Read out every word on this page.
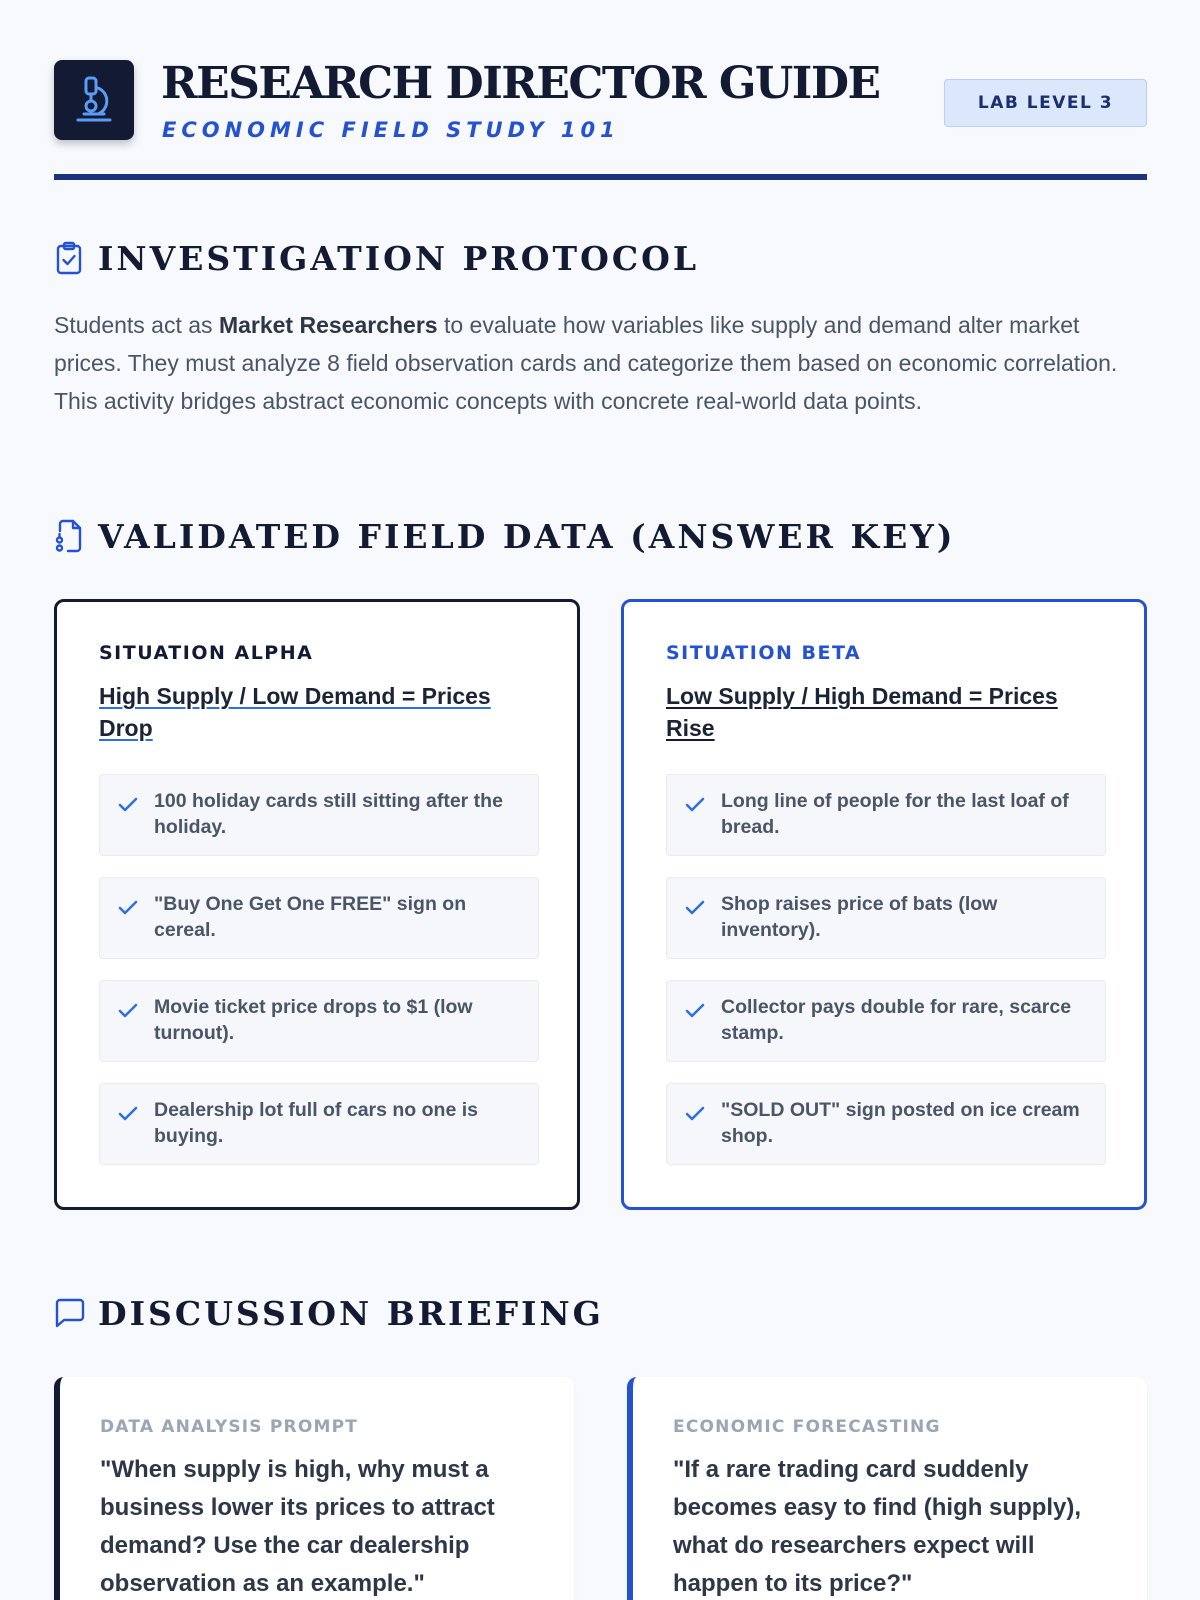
RESEARCH DIRECTOR GUIDE
ECONOMIC FIELD STUDY 101
LAB LEVEL 3
INVESTIGATION PROTOCOL

Students act as Market Researchers to evaluate how variables like supply and demand alter market prices. They must analyze 8 field observation cards and categorize them based on economic correlation. This activity bridges abstract economic concepts with concrete real-world data points.

VALIDATED FIELD DATA (ANSWER KEY)
SITUATION ALPHA
High Supply / Low Demand = Prices Drop
100 holiday cards still sitting after the holiday.
"Buy One Get One FREE" sign on cereal.
Movie ticket price drops to $1 (low turnout).
Dealership lot full of cars no one is buying.
SITUATION BETA
Low Supply / High Demand = Prices Rise
Long line of people for the last loaf of bread.
Shop raises price of bats (low inventory).
Collector pays double for rare, scarce stamp.
"SOLD OUT" sign posted on ice cream shop.
DISCUSSION BRIEFING
DATA ANALYSIS PROMPT
"When supply is high, why must a business lower its prices to attract demand? Use the car dealership observation as an example."
ECONOMIC FORECASTING
"If a rare trading card suddenly becomes easy to find (high supply), what do researchers expect will happen to its price?"
